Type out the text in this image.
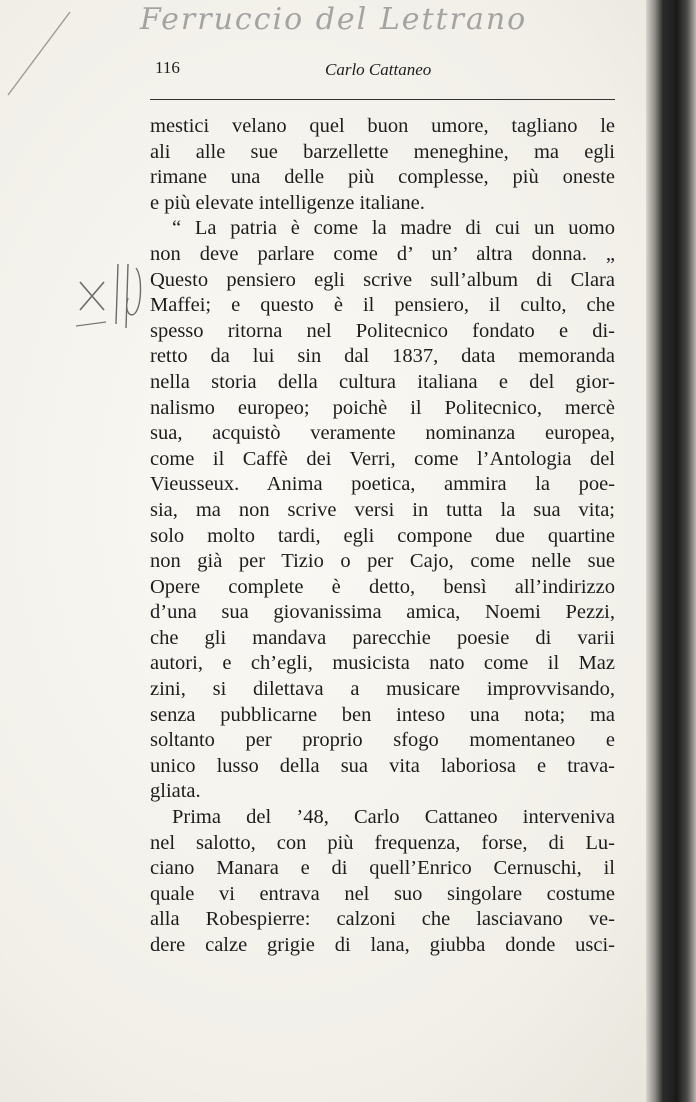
Ferruccio del Lettrano
116	Carlo Cattaneo
mestici velano quel buon umore, tagliano le
ali alle sue barzellette meneghine, ma egli
rimane una delle più complesse, più oneste
e più elevate intelligenze italiane.
“ La patria è come la madre di cui un uomo
non deve parlare come d’ un’ altra donna. „
Questo pensiero egli scrive sull’album di Clara
Maffei; e questo è il pensiero, il culto, che
spesso ritorna nel Politecnico fondato e di-
retto da lui sin dal 1837, data memoranda
nella storia della cultura italiana e del gior-
nalismo europeo; poichè il Politecnico, mercè
sua, acquistò veramente nominanza europea,
come il Caffè dei Verri, come l’Antologia del
Vieusseux. Anima poetica, ammira la poe-
sia, ma non scrive versi in tutta la sua vita;
solo molto tardi, egli compone due quartine
non già per Tizio o per Cajo, come nelle sue
Opere complete è detto, bensì all’indirizzo
d’una sua giovanissima amica, Noemi Pezzi,
che gli mandava parecchie poesie di varii
autori, e ch’egli, musicista nato come il Maz
zini, si dilettava a musicare improvvisando,
senza pubblicarne ben inteso una nota; ma
soltanto per proprio sfogo momentaneo e
unico lusso della sua vita laboriosa e trava-
gliata.
Prima del ’48, Carlo Cattaneo interveniva
nel salotto, con più frequenza, forse, di Lu-
ciano Manara e di quell’Enrico Cernuschi, il
quale vi entrava nel suo singolare costume
alla Robespierre: calzoni che lasciavano ve-
dere calze grigie di lana, giubba donde usci-
